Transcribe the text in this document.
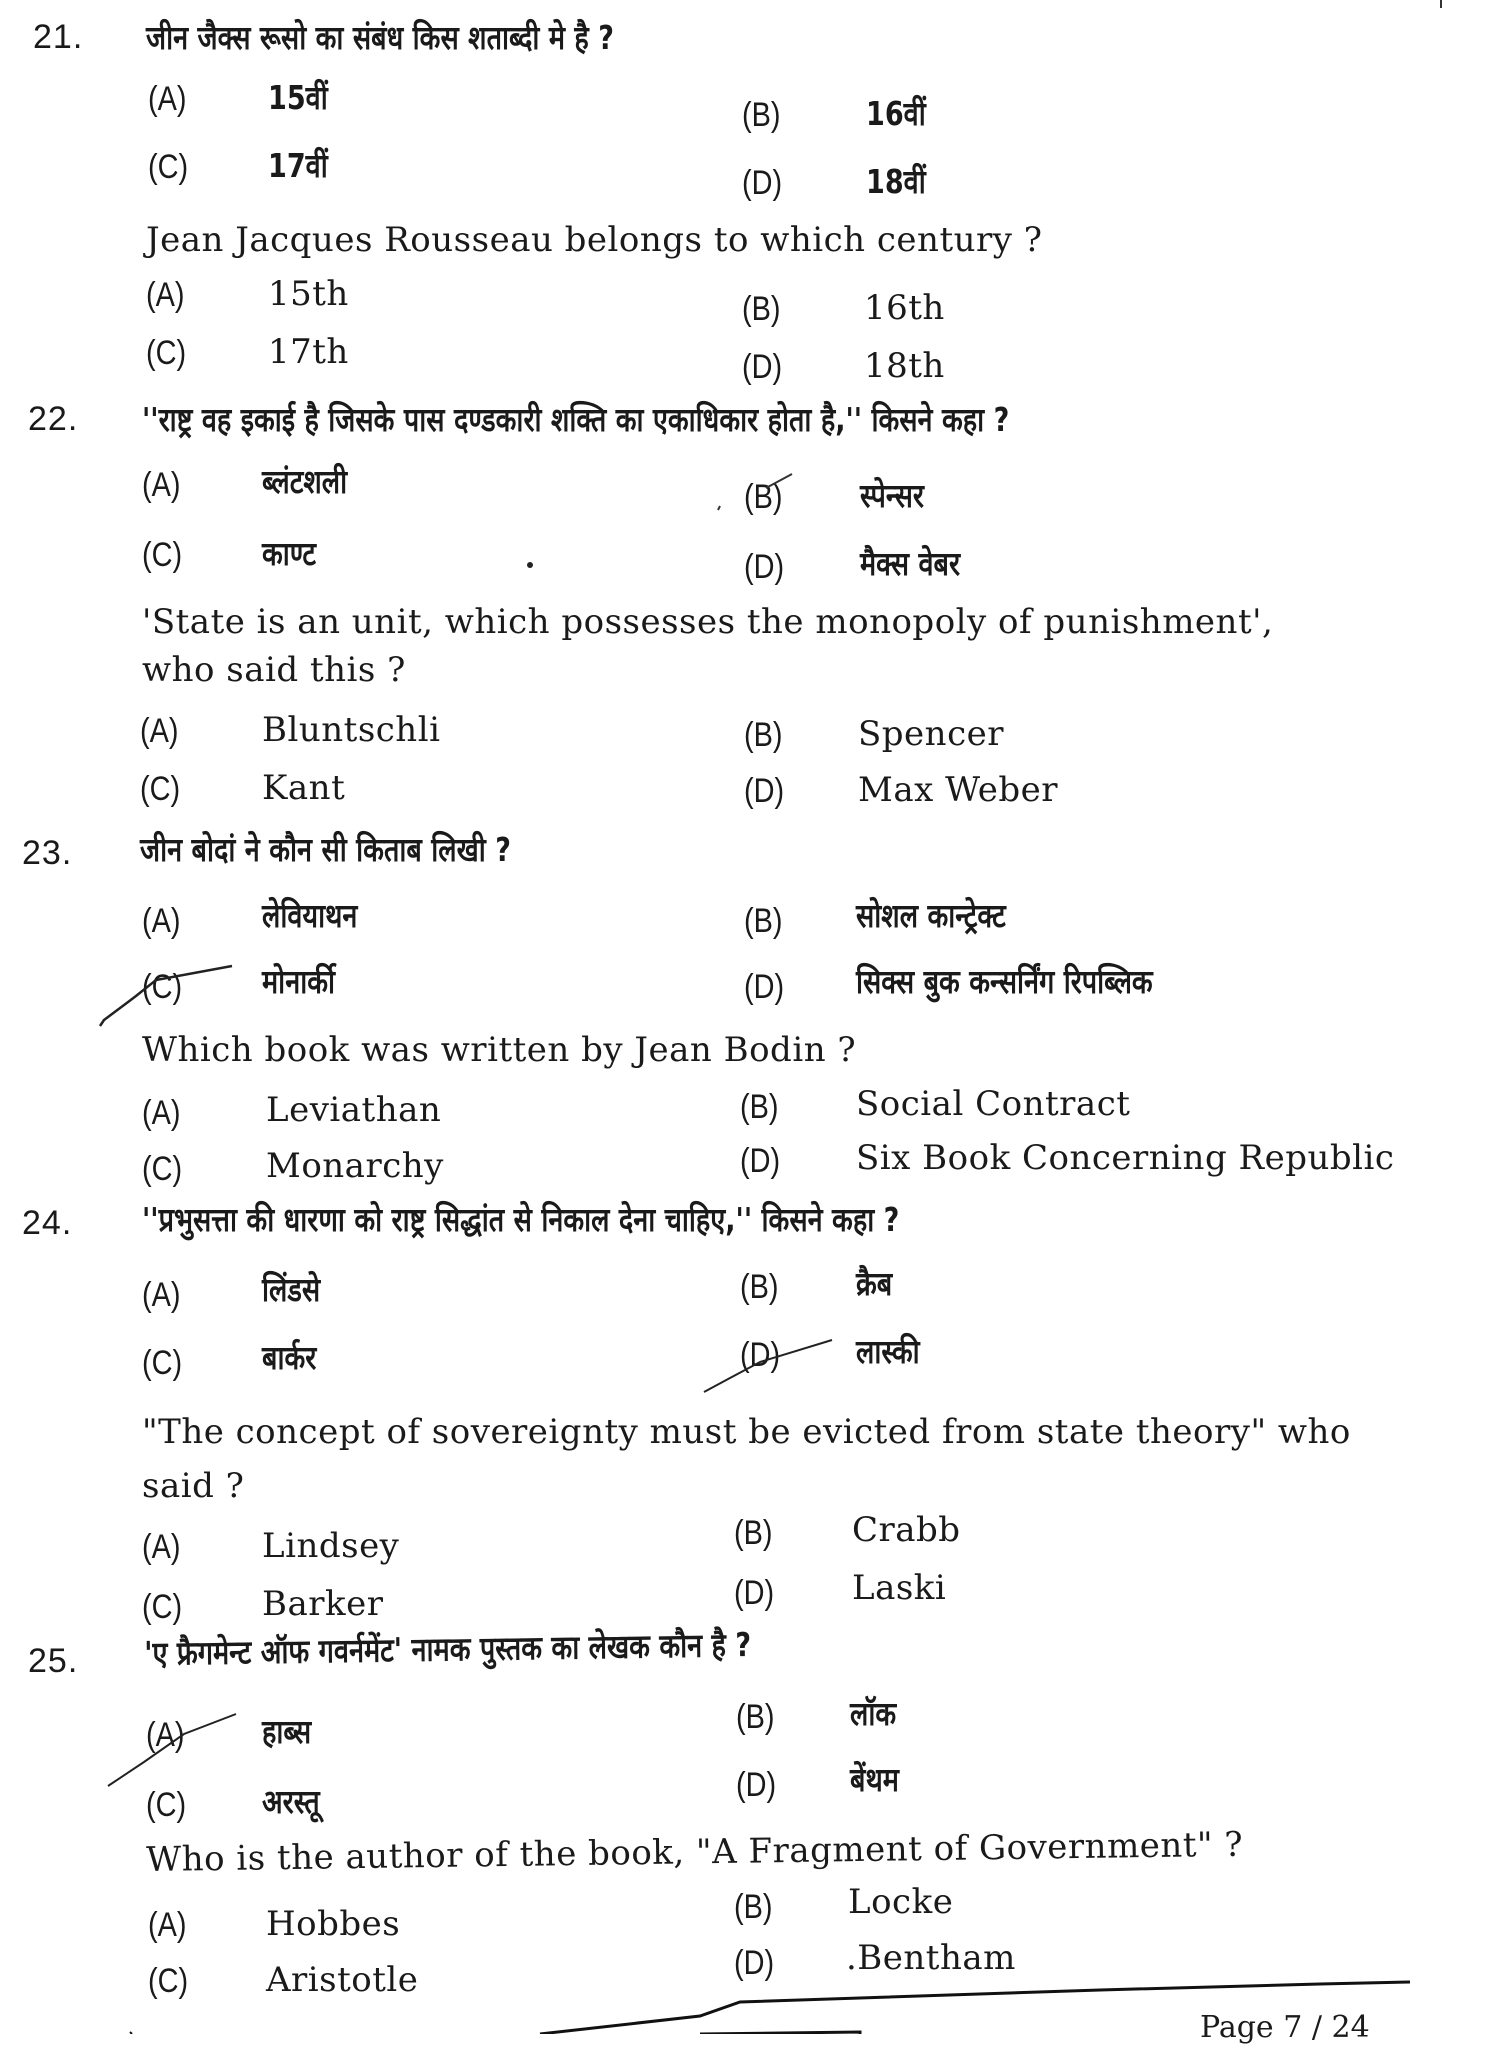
21. जीन जैक्स रूसो का संबंध किस शताब्दी मे है ?
(A) 15वीं	(B)	16वीं
(C) 17वीं	(D)	18वीं
Jean Jacques Rousseau belongs to which century ?
(A) 15th	(B) 16th
(C) 17th	(D) 18th
22. ''राष्ट्र वह इकाई है जिसके पास दण्डकारी शक्ति का एकाधिकार होता है,'' किसने कहा ?
(A) ब्लंटशली	(B) स्पेन्सर
(C) काण्ट	(D) मैक्स वेबर
'State is an unit, which possesses the monopoly of punishment',
who said this ?
(A) Bluntschli	(B) Spencer
(C) Kant	(D) Max Weber
23. जीन बोदां ने कौन सी किताब लिखी ?
(A) लेवियाथन	(B) सोशल कान्ट्रेक्ट
(C) मोनार्की	(D) सिक्स बुक कन्सर्निंग रिपब्लिक
Which book was written by Jean Bodin ?
(A)	Leviathan	(B) Social Contract
(C) Monarchy	(D) Six Book Concerning Republic
24. ''प्रभुसत्ता की धारणा को राष्ट्र सिद्धांत से निकाल देना चाहिए,'' किसने कहा ?
(A) लिंडसे	(B) क्रैब
(C) बार्कर	(D) लास्की
"The concept of sovereignty must be evicted from state theory" who
said ?
(A) Lindsey	(B) Crabb
(C) Barker	(D) Laski
25. 'ए फ्रैगमेन्ट ऑफ गवर्नमेंट' नामक पुस्तक का लेखक कौन है ?
(A) हाब्स	(B) लॉक
(C) अरस्तू	(D) बेंथम
Who is the author of the book, "A Fragment of Government" ?
(A) Hobbes	(B) Locke
(C) Aristotle	(D) .Bentham
Page 7 / 24
